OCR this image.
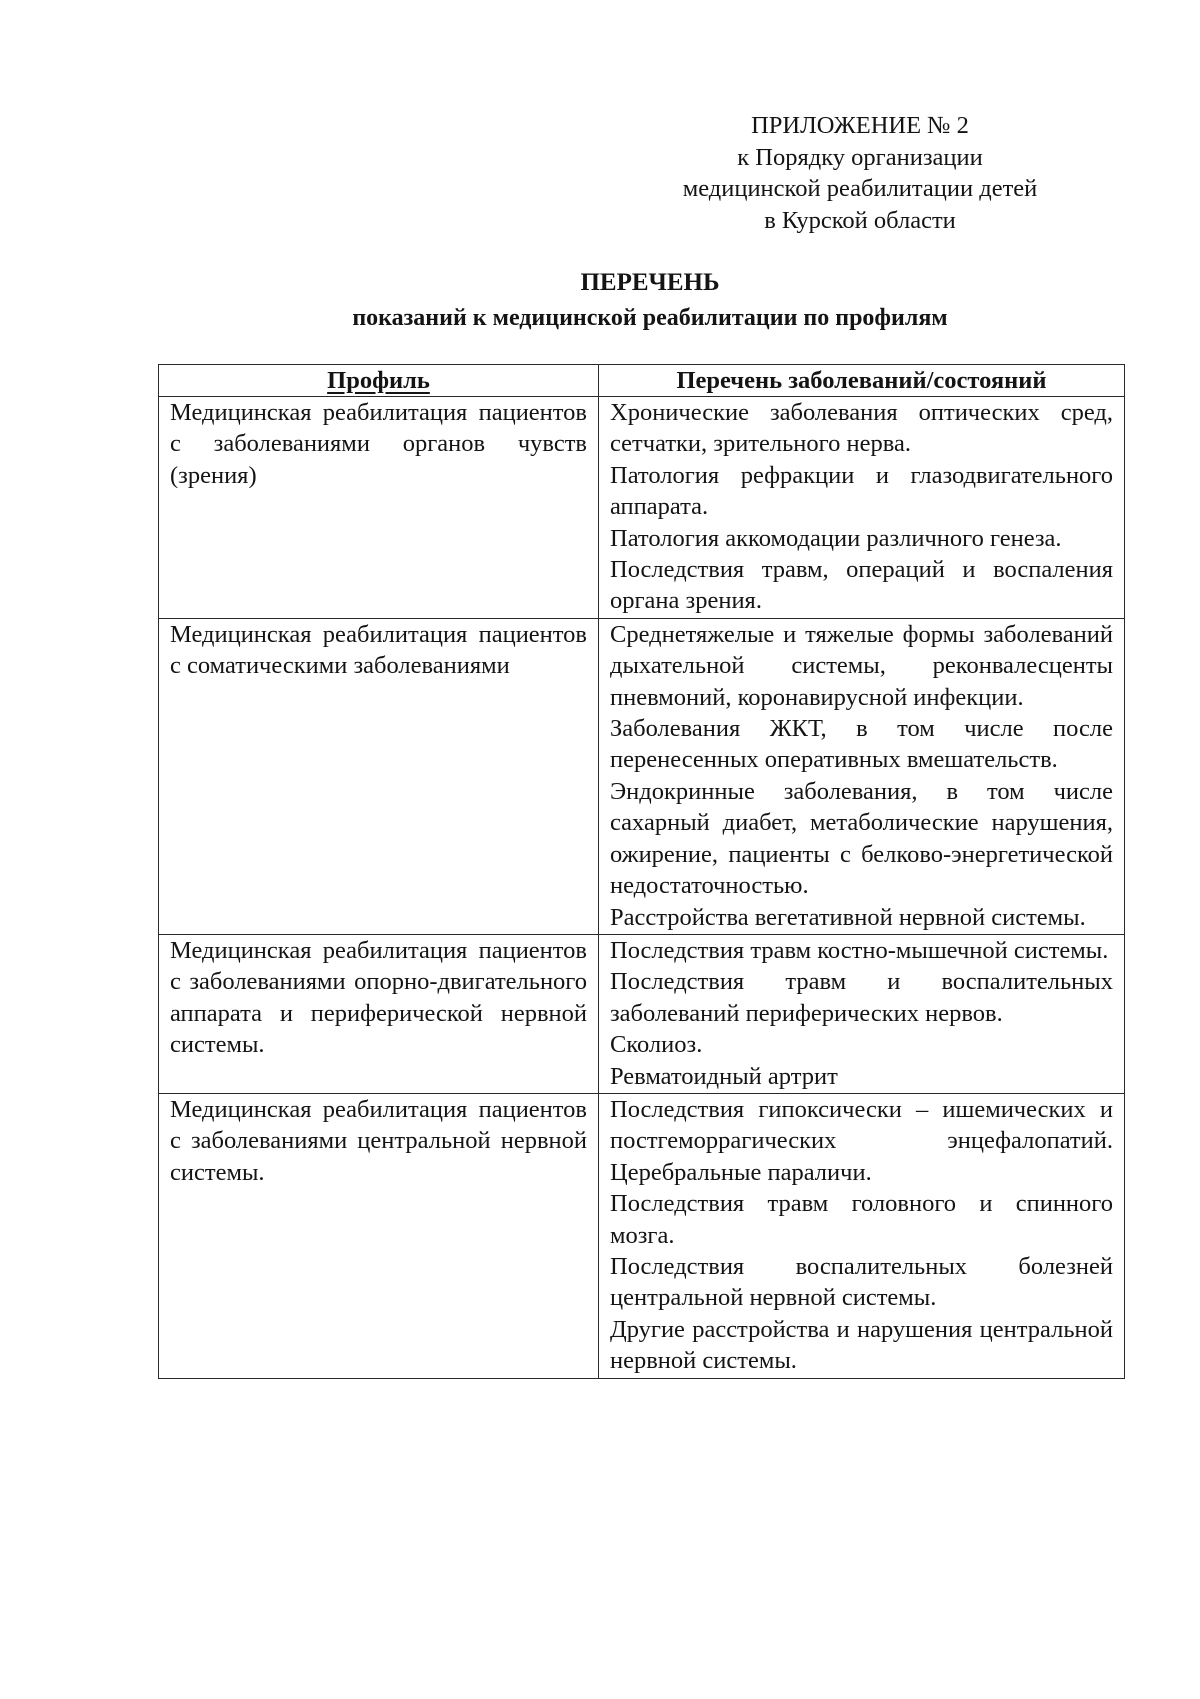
ПРИЛОЖЕНИЕ № 2
к Порядку организации
медицинской реабилитации детей
в Курской области
ПЕРЕЧЕНЬ
показаний к медицинской реабилитации по профилям
Профиль	Перечень заболеваний/состояний
Медицинская реабилитация пациентов с заболеваниями органов чувств (зрения)	Хронические заболевания оптических сред, сетчатки, зрительного нерва.

Патология рефракции и глазодвигательного аппарата.

Патология аккомодации различного генеза.

Последствия травм, операций и воспаления органа зрения.

Медицинская реабилитация пациентов с соматическими заболеваниями	Среднетяжелые и тяжелые формы заболеваний дыхательной системы, реконвалесценты пневмоний, коронавирусной инфекции.

Заболевания ЖКТ, в том числе после перенесенных оперативных вмешательств.

Эндокринные заболевания, в том числе сахарный диабет, метаболические нарушения, ожирение, пациенты с белково-энергетической недостаточностью.

Расстройства вегетативной нервной системы.

Медицинская реабилитация пациентов с заболеваниями опорно-двигательного аппарата и периферической нервной системы.	Последствия травм костно-мышечной системы.

Последствия травм и воспалительных заболеваний периферических нервов.

Сколиоз.

Ревматоидный артрит

Медицинская реабилитация пациентов с заболеваниями центральной нервной системы.	Последствия гипоксически – ишемических и постгеморрагических энцефалопатий. Церебральные параличи.

Последствия травм головного и спинного мозга.

Последствия воспалительных болезней центральной нервной системы.

Другие расстройства и нарушения центральной нервной системы.
